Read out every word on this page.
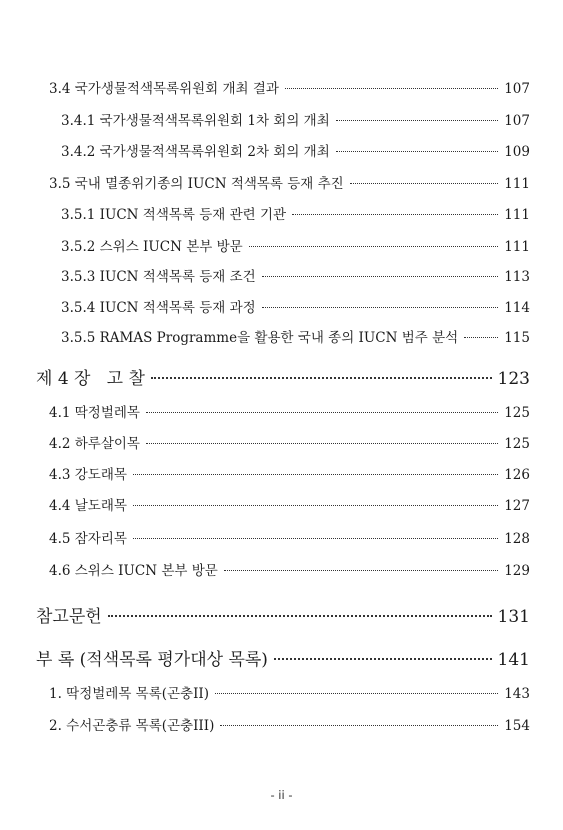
3.4 국가생물적색목록위원회 개최 결과	107
3.4.1 국가생물적색목록위원회 1차 회의 개최	107
3.4.2 국가생물적색목록위원회 2차 회의 개최	109
3.5 국내 멸종위기종의 IUCN 적색목록 등재 추진	111
3.5.1 IUCN 적색목록 등재 관련 기관	111
3.5.2 스위스 IUCN 본부 방문	111
3.5.3 IUCN 적색목록 등재 조건	113
3.5.4 IUCN 적색목록 등재 과정	114
3.5.5 RAMAS Programme을 활용한 국내 종의 IUCN 범주 분석	115
제 4 장   고 찰	123
4.1 딱정벌레목	125
4.2 하루살이목	125
4.3 강도래목	126
4.4 날도래목	127
4.5 잠자리목	128
4.6 스위스 IUCN 본부 방문	129
참고문헌	131
부 록 (적색목록 평가대상 목록)	141
1. 딱정벌레목 목록(곤충II)	143
2. 수서곤충류 목록(곤충III)	154
- ii -
